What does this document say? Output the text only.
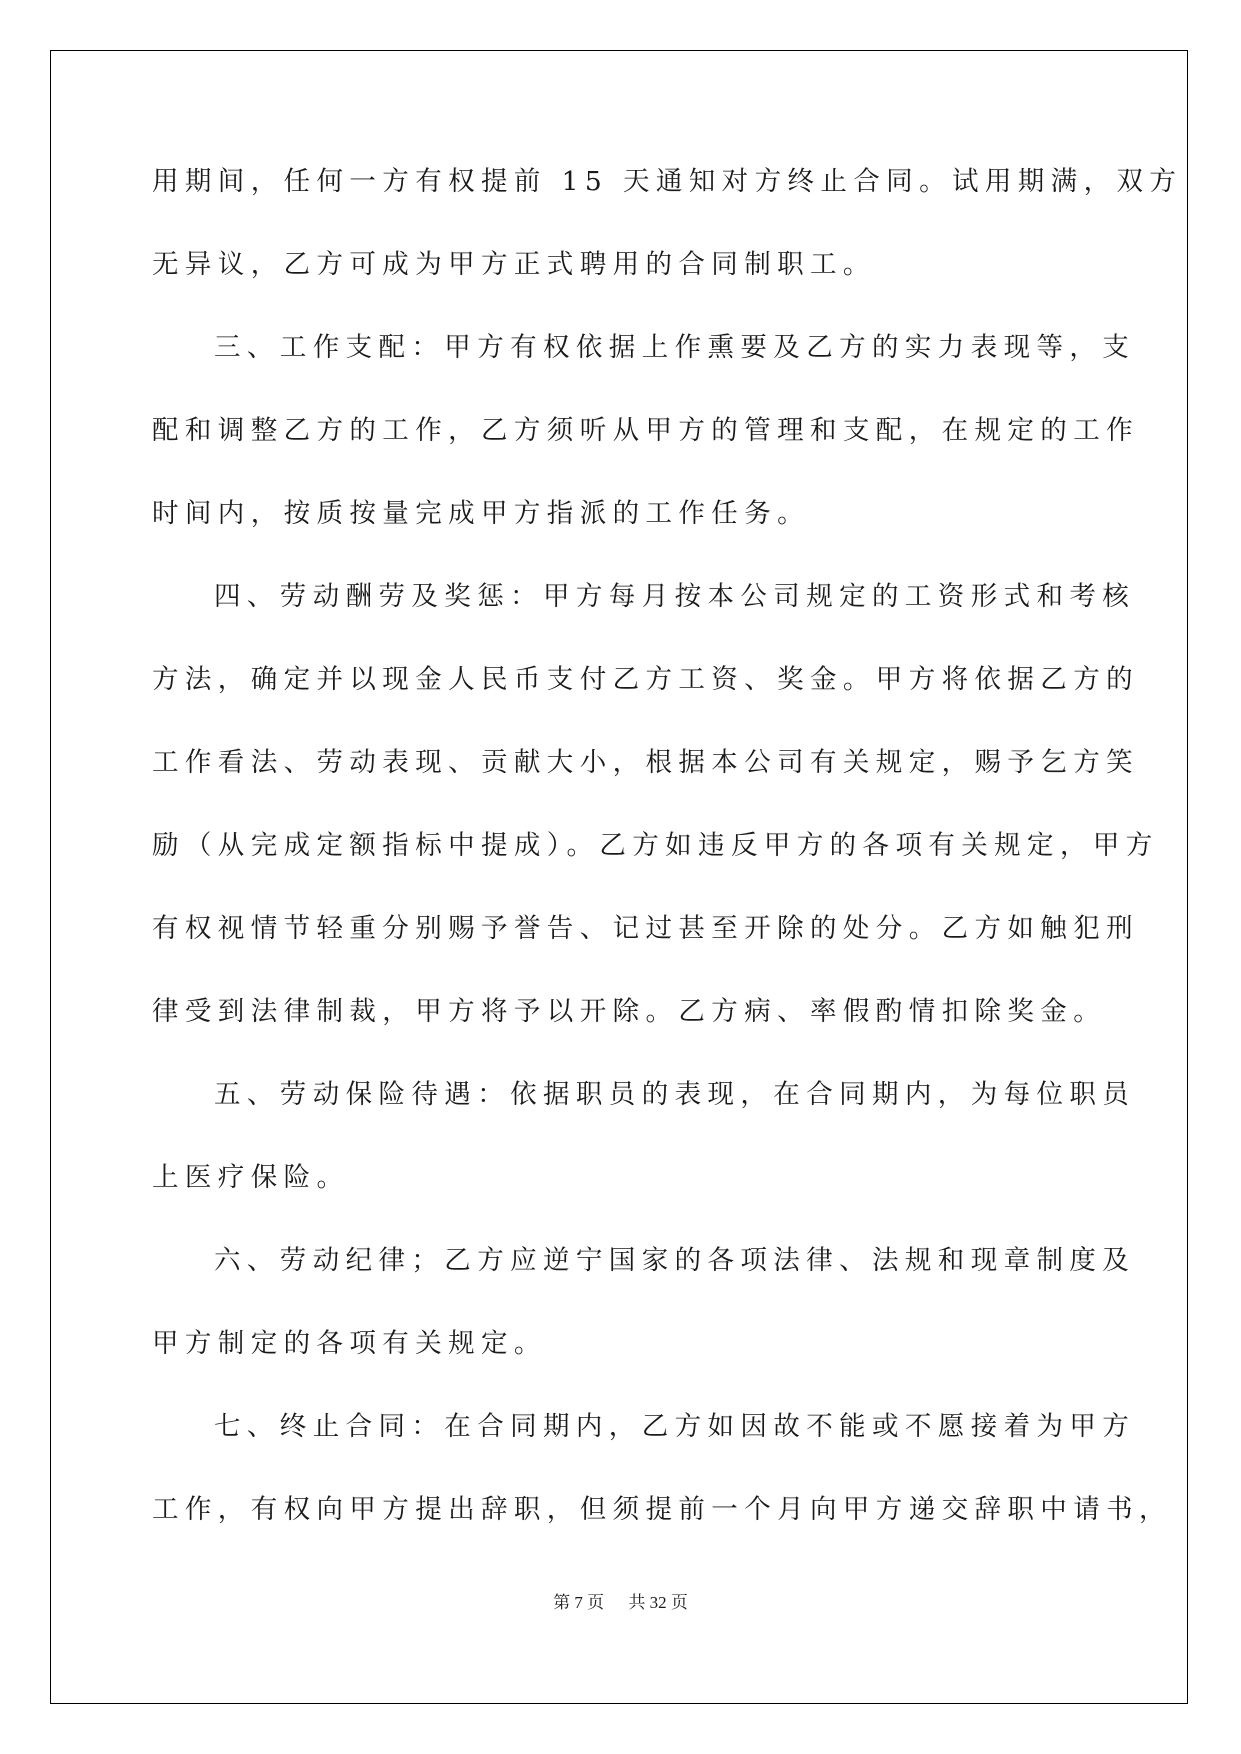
用期间，任何一方有权提前 15 天通知对方终止合同。试用期满，双方
无异议，乙方可成为甲方正式聘用的合同制职工。
三、工作支配：甲方有权依据上作熏要及乙方的实力表现等，支
配和调整乙方的工作，乙方须听从甲方的管理和支配，在规定的工作
时间内，按质按量完成甲方指派的工作任务。
四、劳动酬劳及奖惩：甲方每月按本公司规定的工资形式和考核
方法，确定并以现金人民币支付乙方工资、奖金。甲方将依据乙方的
工作看法、劳动表现、贡献大小，根据本公司有关规定，赐予乞方笑
励（从完成定额指标中提成）。乙方如违反甲方的各项有关规定，甲方
有权视情节轻重分别赐予誉告、记过甚至开除的处分。乙方如触犯刑
律受到法律制裁，甲方将予以开除。乙方病、率假酌情扣除奖金。
五、劳动保险待遇：依据职员的表现，在合同期内，为每位职员
上医疗保险。
六、劳动纪律；乙方应逆宁国家的各项法律、法规和现章制度及
甲方制定的各项有关规定。
七、终止合同：在合同期内，乙方如因故不能或不愿接着为甲方
工作，有权向甲方提出辞职，但须提前一个月向甲方递交辞职中请书，
第 7 页 共 32 页
